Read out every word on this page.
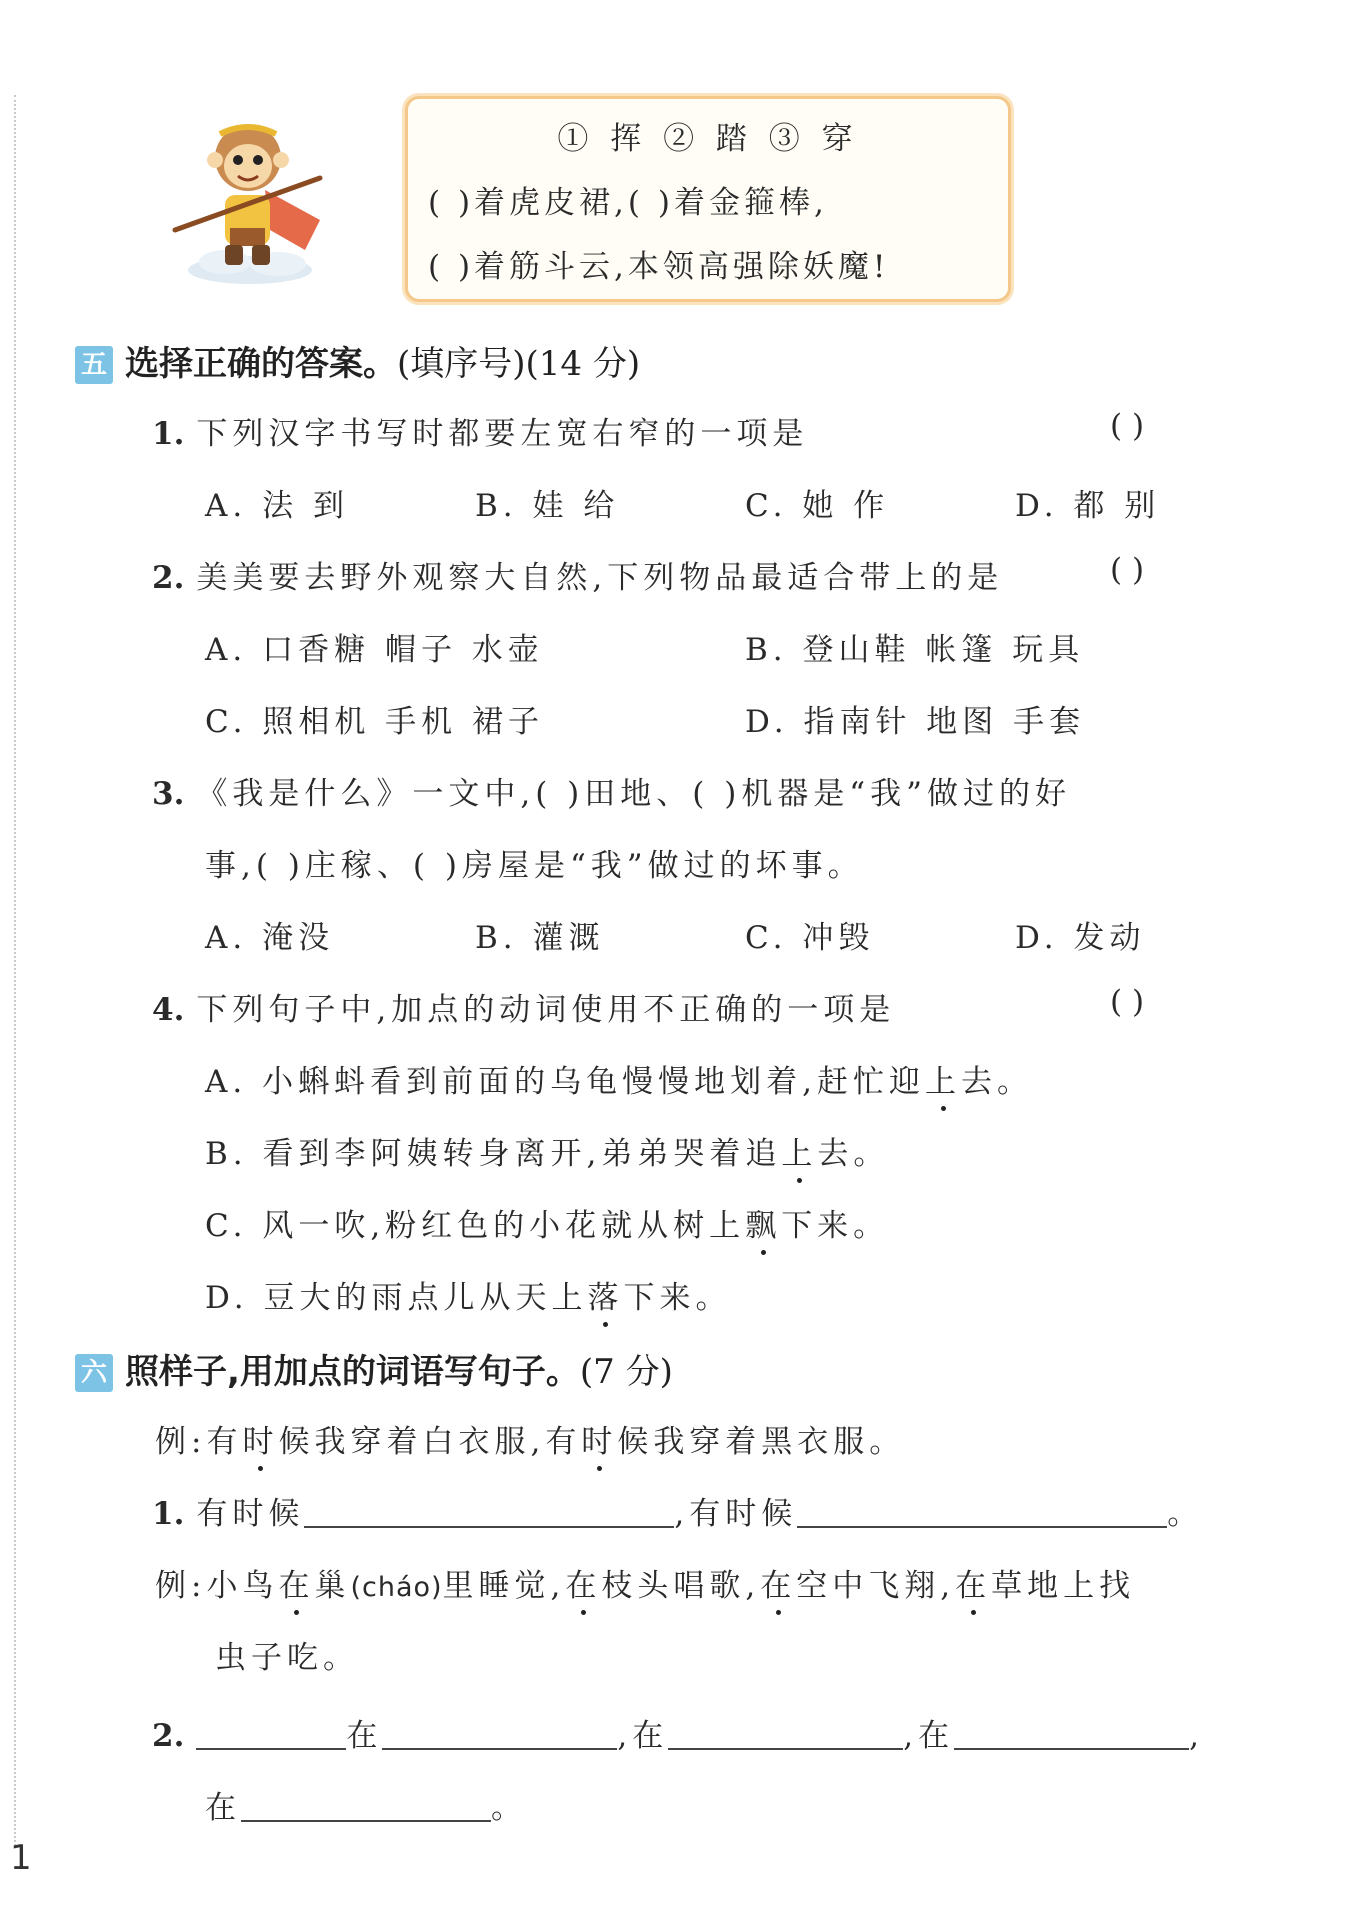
① 挥 ② 踏 ③ 穿
( )着虎皮裙,( )着金箍棒,
( )着筋斗云,本领高强除妖魔!
五 选择正确的答案。(填序号)(14 分)
1. 下列汉字书写时都要左宽右窄的一项是	( )
A. 法 到	B. 娃 给	C. 她 作	D. 都 别
2. 美美要去野外观察大自然,下列物品最适合带上的是	( )
A. 口香糖 帽子 水壶	B. 登山鞋 帐篷 玩具
C. 照相机 手机 裙子	D. 指南针 地图 手套
3. 《我是什么》一文中,( )田地、( )机器是“我”做过的好
事,( )庄稼、( )房屋是“我”做过的坏事。
A. 淹没	B. 灌溉	C. 冲毁	D. 发动
4. 下列句子中,加点的动词使用不正确的一项是	( )
A. 小蝌蚪看到前面的乌龟慢慢地划着,赶忙迎上去。
B. 看到李阿姨转身离开,弟弟哭着追上去。
C. 风一吹,粉红色的小花就从树上飘下来。
D. 豆大的雨点儿从天上落下来。
六 照样子,用加点的词语写句子。(7 分)
例:有时候我穿着白衣服,有时候我穿着黑衣服。
1. 有时候	,有时候	。
例:小鸟在巢(cháo)里睡觉,在枝头唱歌,在空中飞翔,在草地上找
虫子吃。
2.	在	,在	,在	,
在	。
1
